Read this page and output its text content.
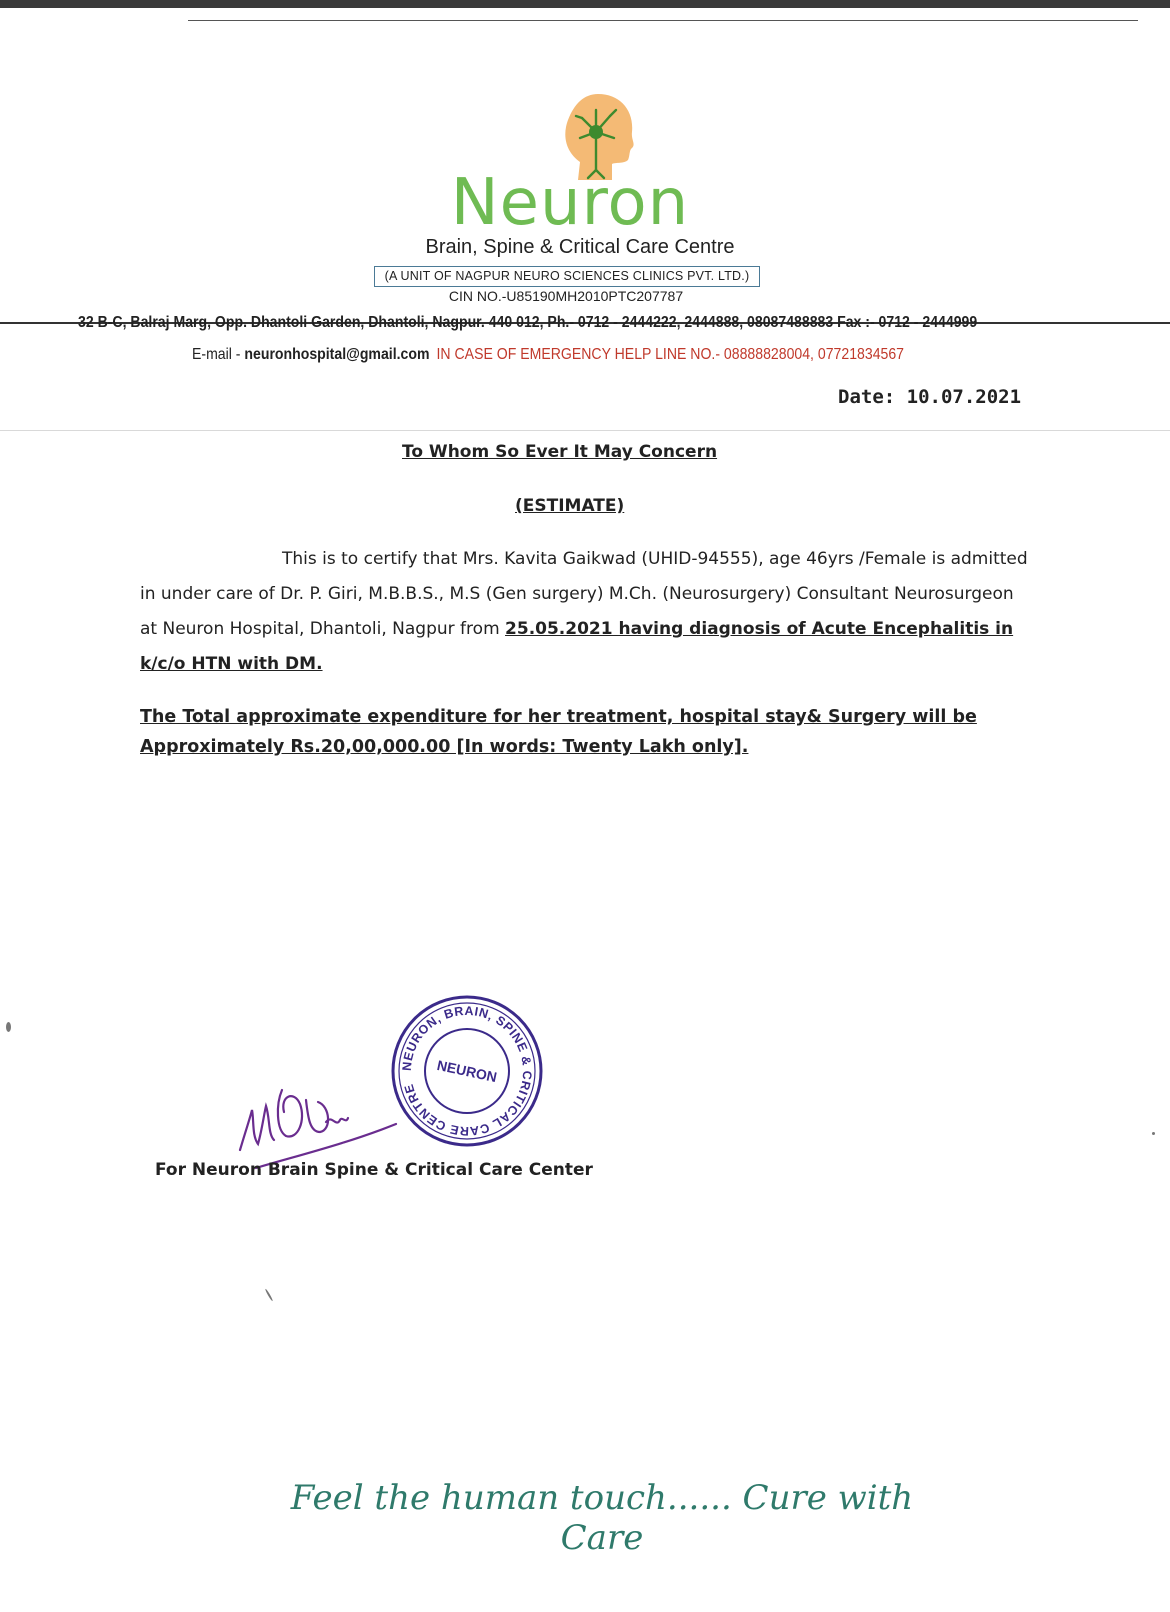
Neuron
Brain, Spine & Critical Care Centre
(A UNIT OF NAGPUR NEURO SCIENCES CLINICS PVT. LTD.)
CIN NO.-U85190MH2010PTC207787
32 B-C, Balraj Marg, Opp. Dhantoli Garden, Dhantoli, Nagpur. 440 012, Ph.- 0712 - 2444222, 2444888, 08087488883 Fax :- 0712 - 2444999
E-mail - neuronhospital@gmail.com IN CASE OF EMERGENCY HELP LINE NO.- 08888828004, 07721834567
Date: 10.07.2021
To Whom So Ever It May Concern
(ESTIMATE)

This is to certify that Mrs. Kavita Gaikwad (UHID-94555), age 46yrs /Female is admitted in under care of Dr. P. Giri, M.B.B.S., M.S (Gen surgery) M.Ch. (Neurosurgery) Consultant Neurosurgeon at Neuron Hospital, Dhantoli, Nagpur from 25.05.2021 having diagnosis of Acute Encephalitis in k/c/o HTN with DM.

The Total approximate expenditure for her treatment, hospital stay& Surgery will be Approximately Rs.20,00,000.00 [In words: Twenty Lakh only].
NEURON, BRAIN, SPINE & CRITICAL CARE CENTRE
NEURON
For Neuron Brain Spine & Critical Care Center
Feel the human touch...... Cure with Care
